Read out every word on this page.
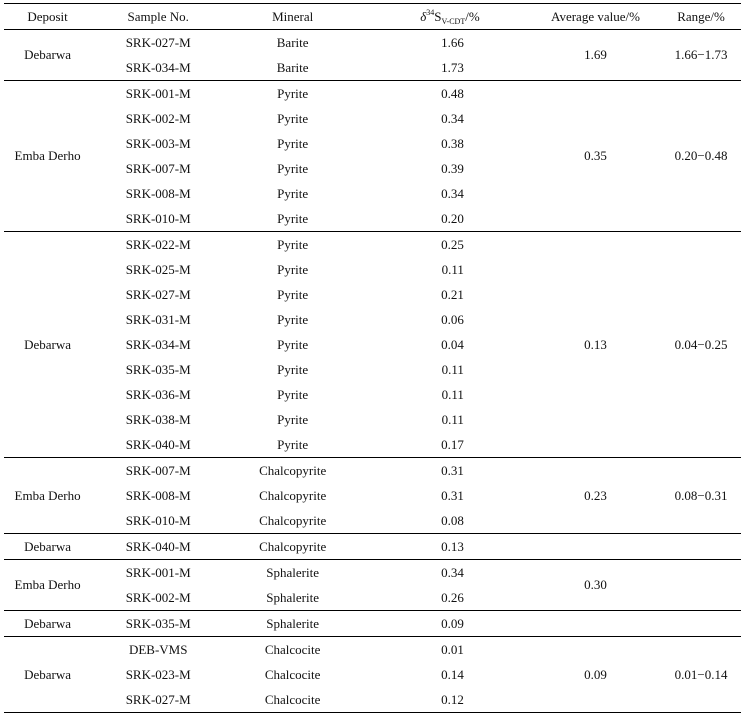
Deposit	Sample No.	Mineral	$\delta^{34}S_{V-CDT}/\%$	Average value/%	Range/%
Debarwa	SRK-027-M	Barite	1.66	1.69	1.66−1.73
	SRK-034-M	Barite	1.73		
Emba Derho	SRK-001-M	Pyrite	0.48	0.35	0.20−0.48
	SRK-002-M	Pyrite	0.34		
	SRK-003-M	Pyrite	0.38		
	SRK-007-M	Pyrite	0.39		
	SRK-008-M	Pyrite	0.34		
	SRK-010-M	Pyrite	0.20		
Debarwa	SRK-022-M	Pyrite	0.25	0.13	0.04−0.25
	SRK-025-M	Pyrite	0.11		
	SRK-027-M	Pyrite	0.21		
	SRK-031-M	Pyrite	0.06		
	SRK-034-M	Pyrite	0.04		
	SRK-035-M	Pyrite	0.11		
	SRK-036-M	Pyrite	0.11		
	SRK-038-M	Pyrite	0.11		
	SRK-040-M	Pyrite	0.17		
Emba Derho	SRK-007-M	Chalcopyrite	0.31	0.23	0.08−0.31
	SRK-008-M	Chalcopyrite	0.31		
	SRK-010-M	Chalcopyrite	0.08		
Debarwa	SRK-040-M	Chalcopyrite	0.13		
Emba Derho	SRK-001-M	Sphalerite	0.34	0.30	
	SRK-002-M	Sphalerite	0.26		
Debarwa	SRK-035-M	Sphalerite	0.09		
Debarwa	DEB-VMS	Chalcocite	0.01	0.09	0.01−0.14
	SRK-023-M	Chalcocite	0.14		
	SRK-027-M	Chalcocite	0.12		
